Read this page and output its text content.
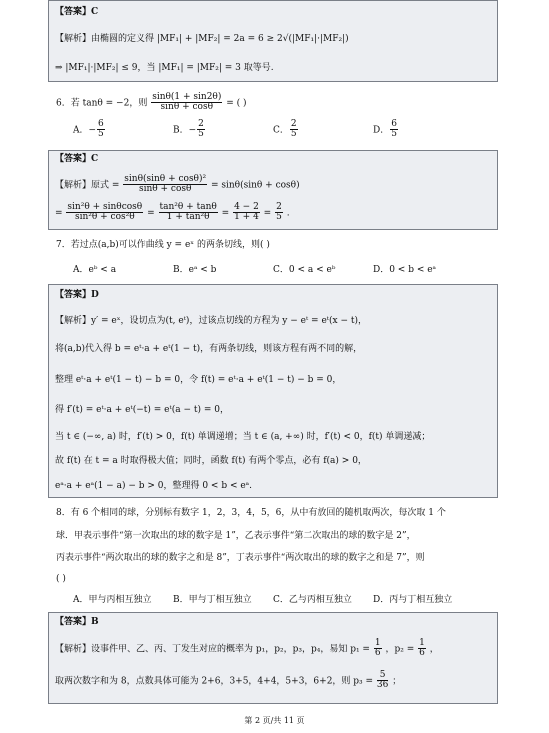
【答案】C
【解析】由椭圆的定义得 |MF₁| + |MF₂| = 2a = 6 ≥ 2√(|MF₁|·|MF₂|)
⇒ |MF₁|·|MF₂| ≤ 9，当 |MF₁| = |MF₂| = 3 取等号.
6．若 tanθ = −2，则 $\frac{\sin\theta(1 + \sin 2\theta)}{\sin\theta + \cos\theta}$ = ( )
A．− $\frac{6}{5}$	B．− $\frac{2}{5}$	C． $\frac{2}{5}$	D． $\frac{6}{5}$
【答案】C
【解析】原式 = $\frac{\text{sinθ(sinθ + cosθ)²}}{\sin\theta + \cos\theta} = \sin\theta(\sin\theta + \cos\theta)$
= $\frac{\text{sin²θ + sinθcosθ}}{\text{sin²θ + cos²θ}} = \frac{\text{tan²θ + tanθ}}{\text{1 + tan²θ}} = \frac{4 - 2}{1 + 4} = \frac{2}{5}$ .
7．若过点(a,b)可以作曲线 y = eˣ 的两条切线，则( )
A．eᵇ < a	B．eᵃ < b	C．0 < a < eᵇ	D．0 < b < eᵃ
【答案】D
【解析】y′ = eˣ，设切点为(t, eᵗ)，过该点切线的方程为 y − eᵗ = eᵗ(x − t)，
将(a,b)代入得 b = eᵗ·a + eᵗ(1 − t)，有两条切线，则该方程有两不同的解，
整理 eᵗ·a + eᵗ(1 − t) − b = 0，令 f(t) = eᵗ·a + eᵗ(1 − t) − b = 0，
得 f′(t) = eᵗ·a + eᵗ(−t) = eᵗ(a − t) = 0，
当 t ∈ (−∞, a) 时，f′(t) > 0，f(t) 单调递增；当 t ∈ (a, +∞) 时，f′(t) < 0，f(t) 单调递减；
故 f(t) 在 t = a 时取得极大值；同时，函数 f(t) 有两个零点，必有 f(a) > 0，
eᵃ·a + eᵃ(1 − a) − b > 0，整理得 0 < b < eᵃ.
8．有 6 个相同的球，分别标有数字 1，2，3，4，5，6，从中有放回的随机取两次，每次取 1 个
球．甲表示事件“第一次取出的球的数字是 1”，乙表示事件“第二次取出的球的数字是 2”，
丙表示事件“两次取出的球的数字之和是 8”，丁表示事件“两次取出的球的数字之和是 7”，则
( )
A．甲与丙相互独立 B．甲与丁相互独立 C．乙与丙相互独立 D．丙与丁相互独立
【答案】B
【解析】设事件甲、乙、丙、丁发生对应的概率为 p₁，p₂，p₃，p₄，易知 $p_1 = \frac{1}{6}$ ，$p_2 = \frac{1}{6}$ ，
取两次数字和为 8，点数具体可能为 2+6，3+5，4+4，5+3，6+2，则 $p_3 = \frac{5}{36}$ ；
第 2 页/共 11 页
